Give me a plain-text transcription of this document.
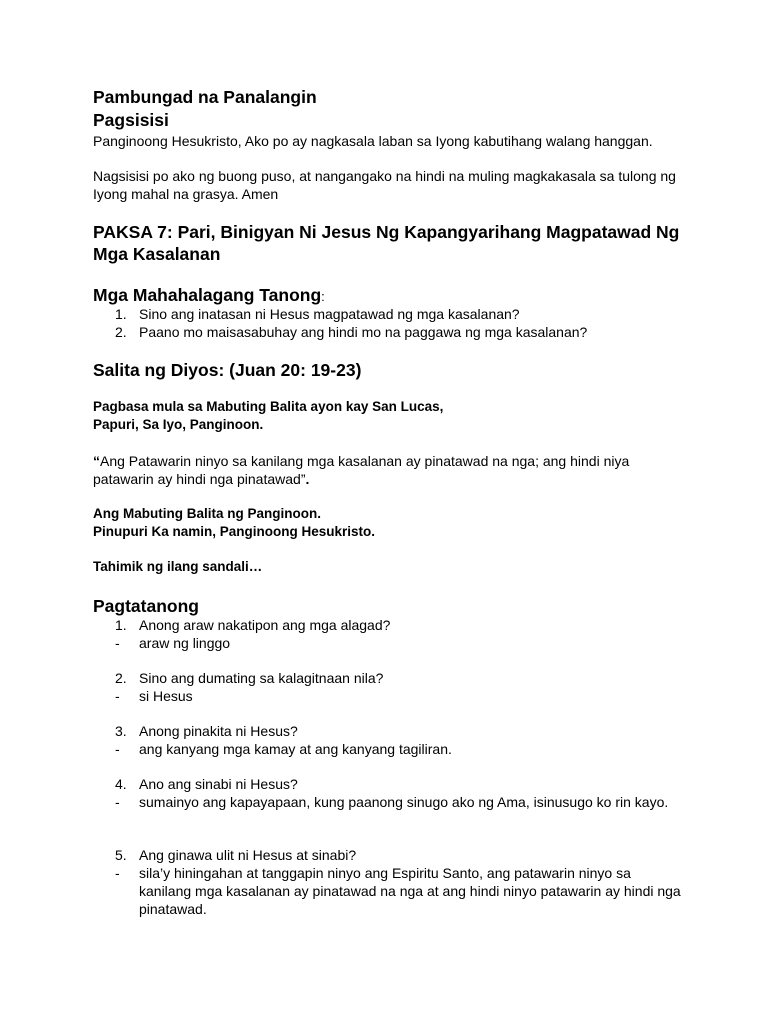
Pambungad na Panalangin
Pagsisisi
Panginoong Hesukristo, Ako po ay nagkasala laban sa Iyong kabutihang walang hanggan.
Nagsisisi po ako ng buong puso, at nangangako na hindi na muling magkakasala sa tulong ng Iyong mahal na grasya. Amen
PAKSA 7: Pari, Binigyan Ni Jesus Ng Kapangyarihang Magpatawad Ng Mga Kasalanan
Mga Mahahalagang Tanong:
1. Sino ang inatasan ni Hesus magpatawad ng mga kasalanan?
2. Paano mo maisasabuhay ang hindi mo na paggawa ng mga kasalanan?
Salita ng Diyos: (Juan 20: 19-23)
Pagbasa mula sa Mabuting Balita ayon kay San Lucas,
Papuri, Sa Iyo, Panginoon.
“Ang Patawarin ninyo sa kanilang mga kasalanan ay pinatawad na nga; ang hindi niya patawarin ay hindi nga pinatawad”.
Ang Mabuting Balita ng Panginoon.
Pinupuri Ka namin, Panginoong Hesukristo.
Tahimik ng ilang sandali…
Pagtatanong
1. Anong araw nakatipon ang mga alagad?
-	araw ng linggo
2. Sino ang dumating sa kalagitnaan nila?
-	si Hesus
3. Anong pinakita ni Hesus?
-	ang kanyang mga kamay at ang kanyang tagiliran.
4. Ano ang sinabi ni Hesus?
-	sumainyo ang kapayapaan, kung paanong sinugo ako ng Ama, isinusugo ko rin kayo.
5. Ang ginawa ulit ni Hesus at sinabi?
-	sila’y hiningahan at tanggapin ninyo ang Espiritu Santo, ang patawarin ninyo sa kanilang mga kasalanan ay pinatawad na nga at ang hindi ninyo patawarin ay hindi nga pinatawad.
